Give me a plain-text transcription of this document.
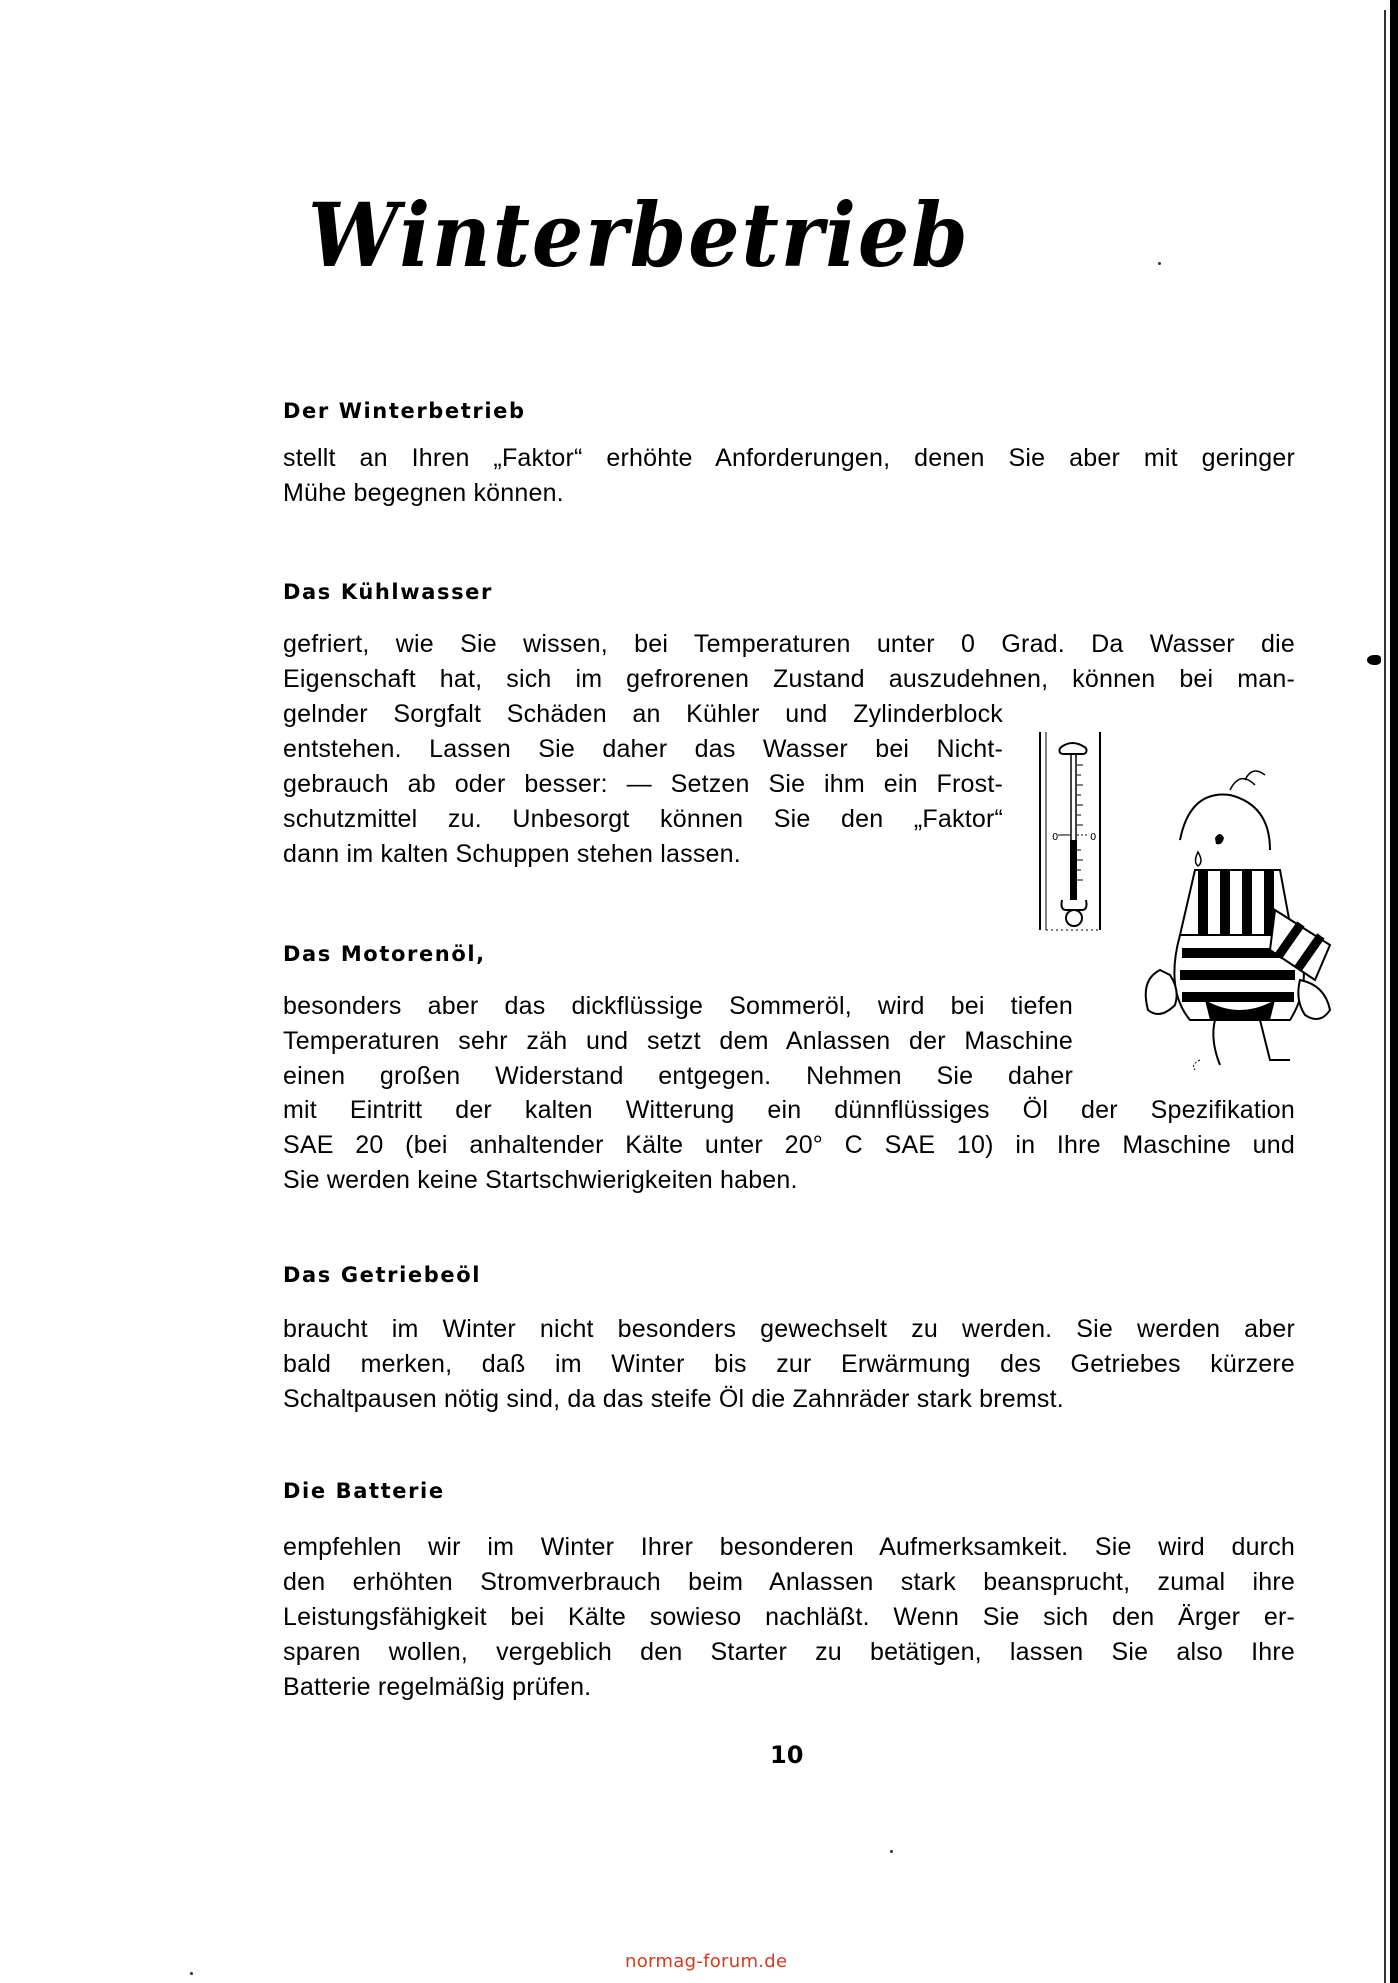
Winterbetrieb
Der Winterbetrieb
stellt an Ihren „Faktor“ erhöhte Anforderungen, denen Sie aber mit geringer
Mühe begegnen können.
Das Kühlwasser
gefriert, wie Sie wissen, bei Temperaturen unter 0 Grad. Da Wasser die
Eigenschaft hat, sich im gefrorenen Zustand auszudehnen, können bei man-
gelnder Sorgfalt Schäden an Kühler und Zylinderblock
entstehen. Lassen Sie daher das Wasser bei Nicht-
gebrauch ab oder besser: — Setzen Sie ihm ein Frost-
schutzmittel zu. Unbesorgt können Sie den „Faktor“
dann im kalten Schuppen stehen lassen.
Das Motorenöl,
besonders aber das dickflüssige Sommeröl, wird bei tiefen
Temperaturen sehr zäh und setzt dem Anlassen der Maschine
einen großen Widerstand entgegen. Nehmen Sie daher
mit Eintritt der kalten Witterung ein dünnflüssiges Öl der Spezifikation
SAE 20 (bei anhaltender Kälte unter 20° C SAE 10) in Ihre Maschine und
Sie werden keine Startschwierigkeiten haben.
Das Getriebeöl
braucht im Winter nicht besonders gewechselt zu werden. Sie werden aber
bald merken, daß im Winter bis zur Erwärmung des Getriebes kürzere
Schaltpausen nötig sind, da das steife Öl die Zahnräder stark bremst.
Die Batterie
empfehlen wir im Winter Ihrer besonderen Aufmerksamkeit. Sie wird durch
den erhöhten Stromverbrauch beim Anlassen stark beansprucht, zumal ihre
Leistungsfähigkeit bei Kälte sowieso nachläßt. Wenn Sie sich den Ärger er-
sparen wollen, vergeblich den Starter zu betätigen, lassen Sie also Ihre
Batterie regelmäßig prüfen.
0	0
10
normag-forum.de
